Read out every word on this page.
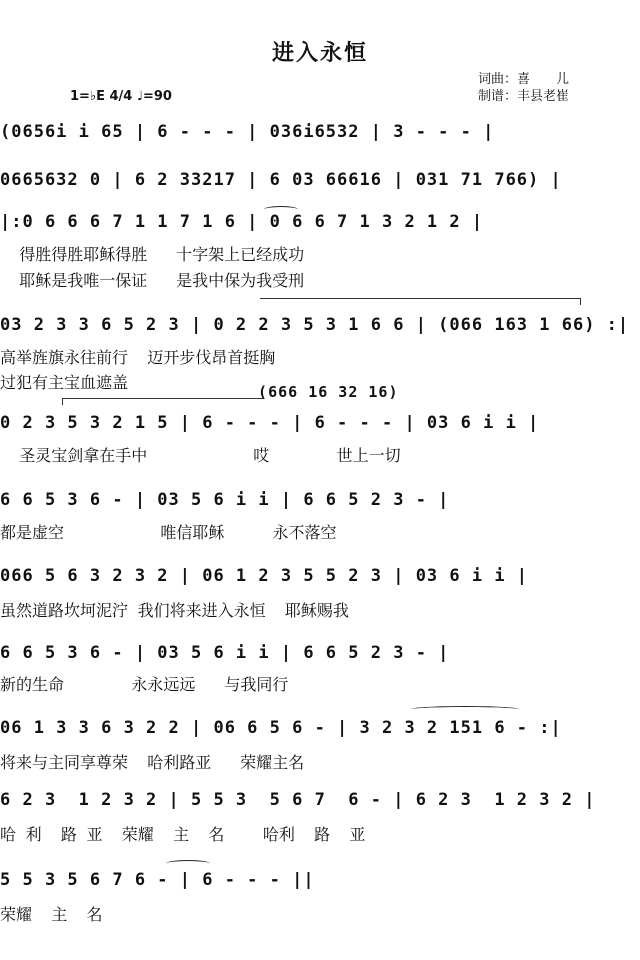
进入永恒
词曲：喜　　儿
制谱：丰县老崔
1=♭E 4/4 ♩=90
(0656i i 65 | 6 - - - | 036i6532 | 3 - - - |
0665632 0 | 6 2 33217 | 6 03 66616 | 031 71 766) |
|:0 6 6 6 7 1 1 7 1 6 | 0 6 6 7 1 3 2 1 2 |
得胜得胜耶稣得胜   十字架上已经成功
耶稣是我唯一保证   是我中保为我受刑
03 2 3 3 6 5 2 3 | 0 2 2 3 5 3 1 6 6 | (066 163 1 66) :|
高举旌旗永往前行  迈开步伐昂首挺胸
过犯有主宝血遮盖	(666 16 32 16)
0 2 3 5 3 2 1 5 | 6 - - - | 6 - - - | 03 6 i i |
圣灵宝剑拿在手中           哎       世上一切
6 6 5 3 6 - | 03 5 6 i i | 6 6 5 2 3 - |
都是虚空          唯信耶稣     永不落空
066 5 6 3 2 3 2 | 06 1 2 3 5 5 2 3 | 03 6 i i |
虽然道路坎坷泥泞 我们将来进入永恒  耶稣赐我
6 6 5 3 6 - | 03 5 6 i i | 6 6 5 2 3 - |
新的生命       永永远远   与我同行
06 1 3 3 6 3 2 2 | 06 6 5 6 - | 3 2 3 2 151 6 - :|
将来与主同享尊荣  哈利路亚   荣耀主名
6 2 3  1 2 3 2 | 5 5 3  5 6 7  6 - | 6 2 3  1 2 3 2 |
哈 利  路 亚  荣耀  主  名    哈利  路  亚
5 5 3 5 6 7 6 - | 6 - - - ||
荣耀  主  名
